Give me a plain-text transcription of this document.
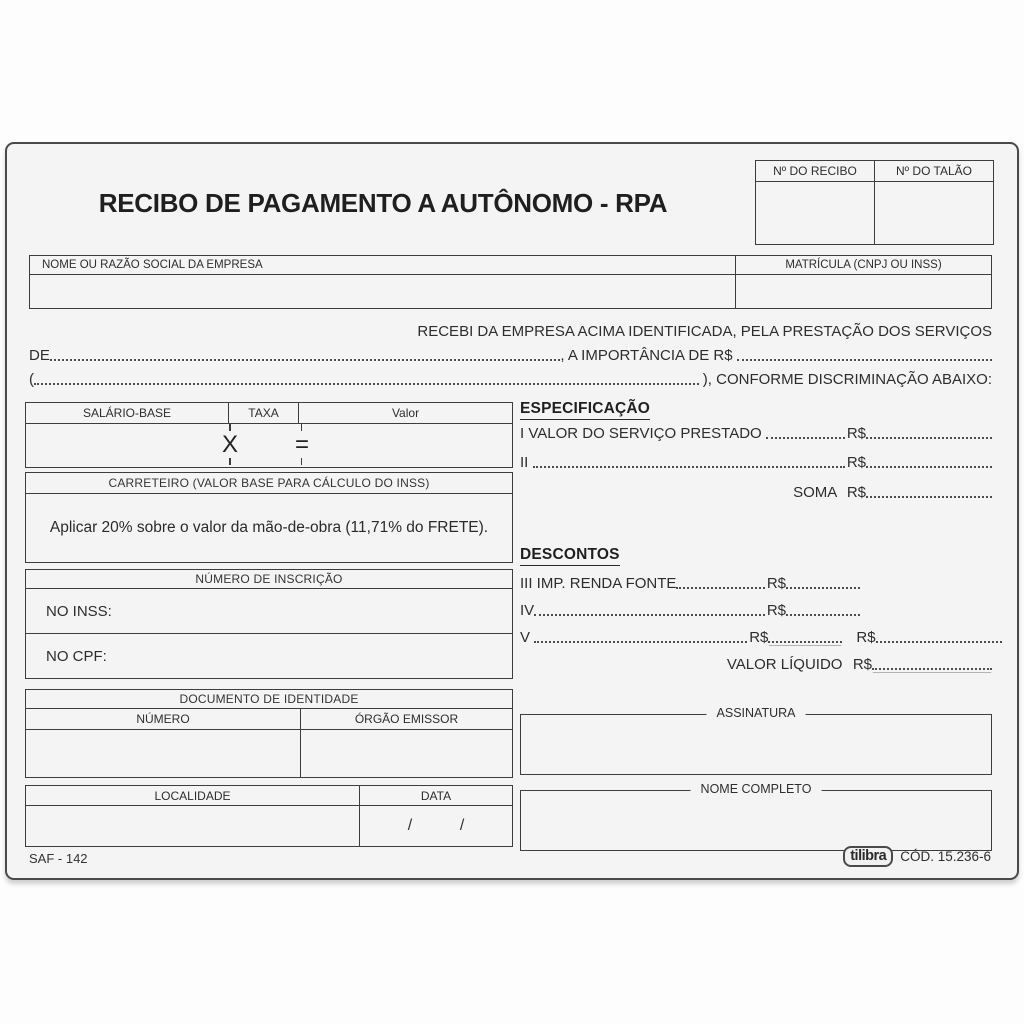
Nº DO RECIBO	Nº DO TALÃO
RECIBO DE PAGAMENTO A AUTÔNOMO - RPA
NOME OU RAZÃO SOCIAL DA EMPRESA	MATRÍCULA (CNPJ OU INSS)
RECEBI DA EMPRESA ACIMA IDENTIFICADA, PELA PRESTAÇÃO DOS SERVIÇOS
DE	, A IMPORTÂNCIA DE R$
(	), CONFORME DISCRIMINAÇÃO ABAIXO:
SALÁRIO-BASE	TAXA	Valor
X =
CARRETEIRO (VALOR BASE PARA CÁLCULO DO INSS)
Aplicar 20% sobre o valor da mão-de-obra (11,71% do FRETE).
NÚMERO DE INSCRIÇÃO
NO INSS:
NO CPF:
DOCUMENTO DE IDENTIDADE
NÚMERO	ÓRGÃO EMISSOR
LOCALIDADE	DATA
/	/
ESPECIFICAÇÃO
I VALOR DO SERVIÇO PRESTADO	R$
II	R$
SOMA R$
DESCONTOS
III IMP. RENDA FONTE	R$
IV	R$
V	R$	R$
VALOR LÍQUIDO R$
ASSINATURA
NOME COMPLETO
SAF - 142	tilibra	CÓD. 15.236-6
